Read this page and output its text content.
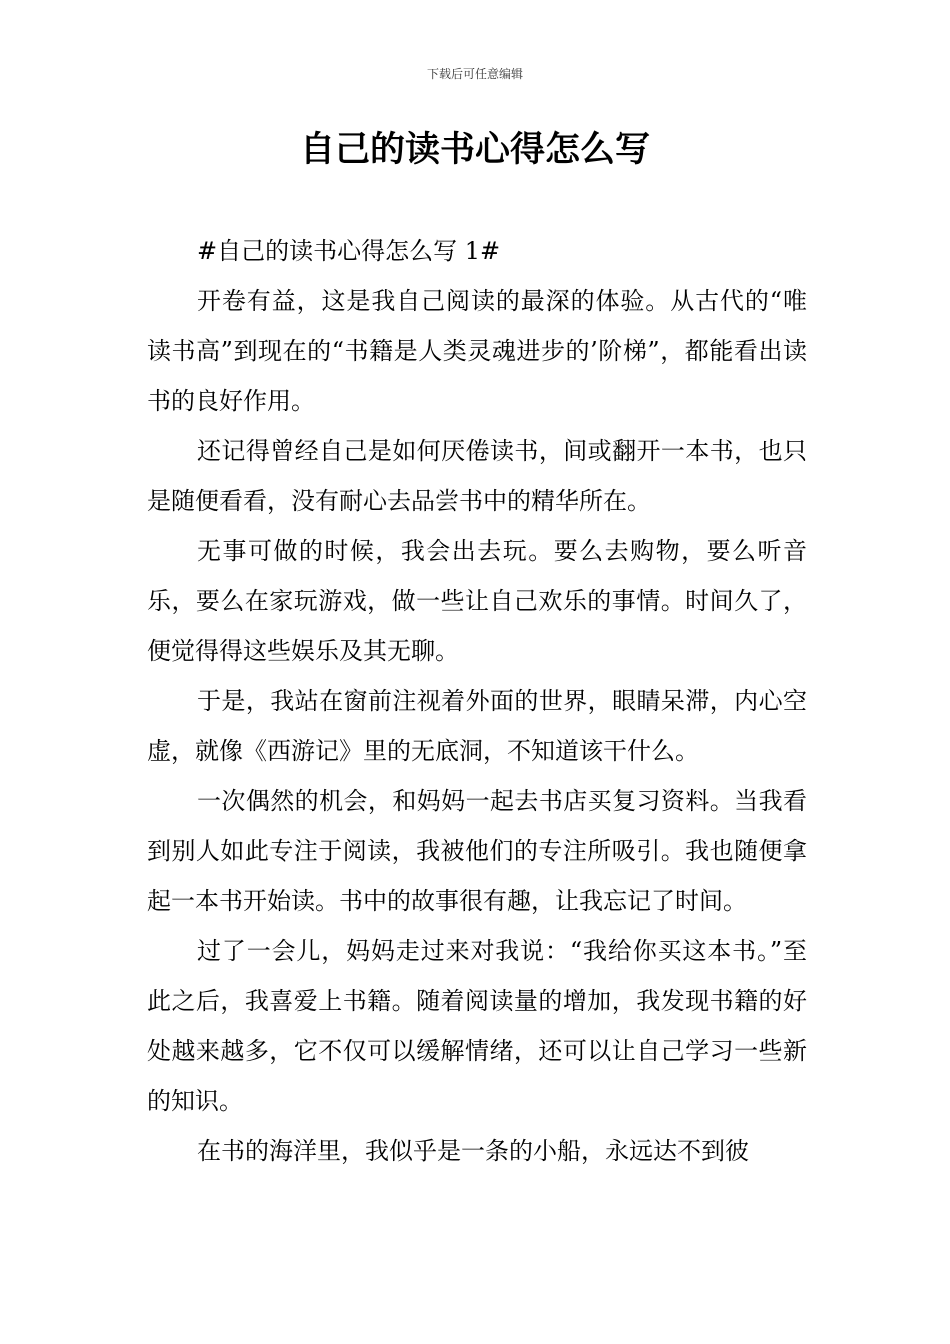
下载后可任意编辑
自己的读书心得怎么写

#自己的读书心得怎么写 1#

开卷有益，这是我自己阅读的最深的体验。从古代的“唯读书高”到现在的“书籍是人类灵魂进步的’阶梯”，都能看出读书的良好作用。

还记得曾经自己是如何厌倦读书，间或翻开一本书，也只是随便看看，没有耐心去品尝书中的精华所在。

无事可做的时候，我会出去玩。要么去购物，要么听音乐，要么在家玩游戏，做一些让自己欢乐的事情。时间久了，便觉得得这些娱乐及其无聊。

于是，我站在窗前注视着外面的世界，眼睛呆滞，内心空虚，就像《西游记》里的无底洞，不知道该干什么。

一次偶然的机会，和妈妈一起去书店买复习资料。当我看到别人如此专注于阅读，我被他们的专注所吸引。我也随便拿起一本书开始读。书中的故事很有趣，让我忘记了时间。

过了一会儿，妈妈走过来对我说：“我给你买这本书。”至此之后，我喜爱上书籍。随着阅读量的增加，我发现书籍的好处越来越多，它不仅可以缓解情绪，还可以让自己学习一些新的知识。

在书的海洋里，我似乎是一条的小船，永远达不到彼
